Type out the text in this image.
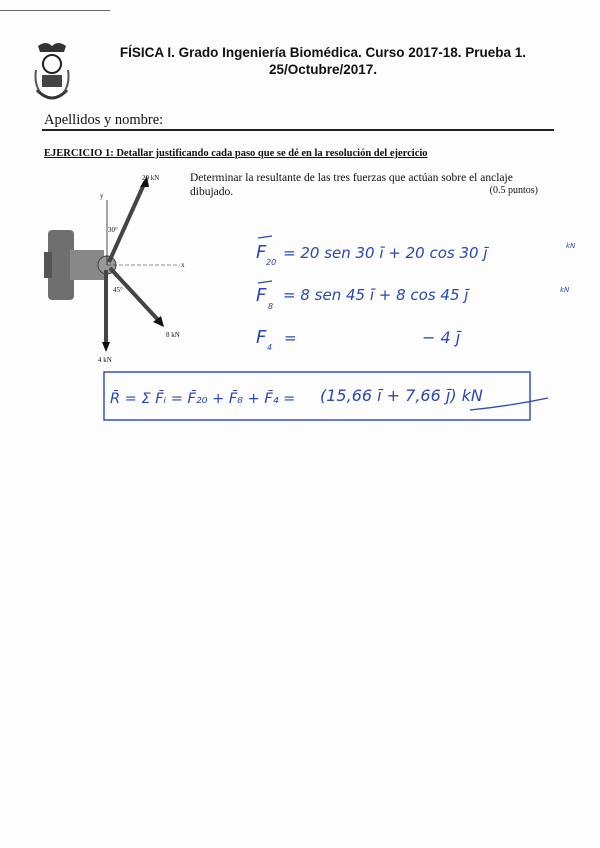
FÍSICA I. Grado Ingeniería Biomédica. Curso 2017-18. Prueba 1.
25/Octubre/2017.
Apellidos y nombre:
EJERCICIO 1: Detallar justificando cada paso que se dé en la resolución del ejercicio
Determinar la resultante de las tres fuerzas que actúan sobre el anclaje dibujado.	(0.5 puntos)
y
x
20 kN
30°
8 kN
45°
4 kN
F 20
= 20 sen 30 ī + 20 cos 30 j̄	kN
F
8
= 8 sen 45 ī + 8 cos 45 j̄	kN
F 4
=	− 4 j̄
R̄ = Σ F̄ᵢ = F̄₂₀ + F̄₈ + F̄₄ = (15,66 ī + 7,66 j̄) kN
